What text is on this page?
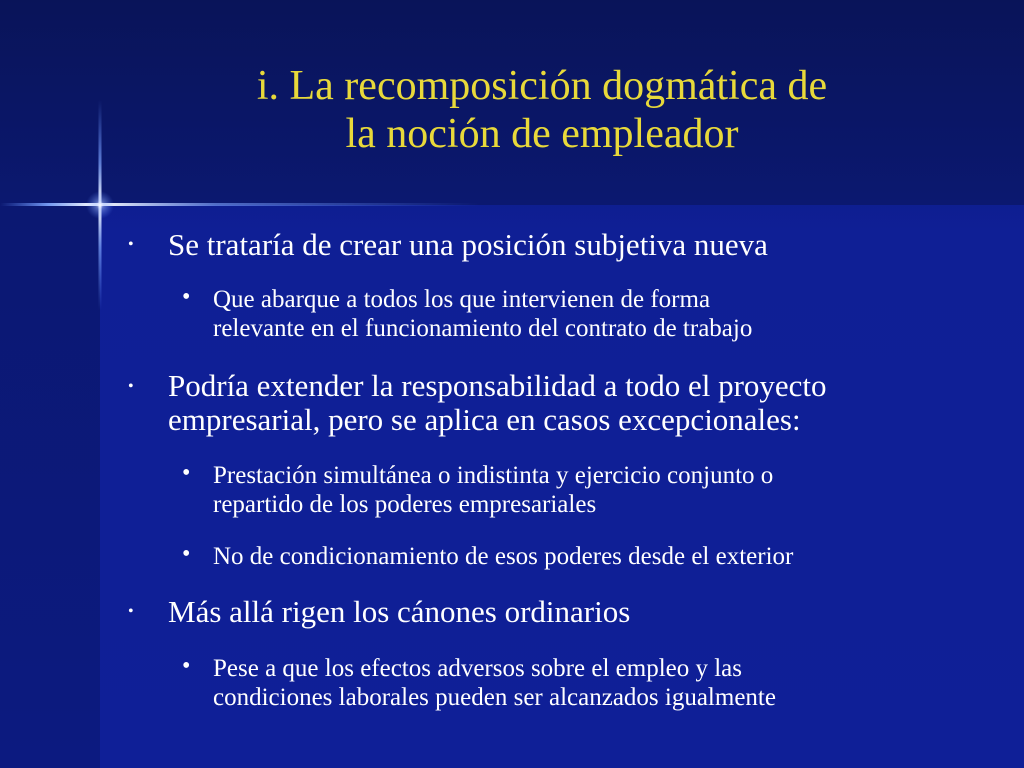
i. La recomposición dogmática de
la noción de empleador
• Se trataría de crear una posición subjetiva nueva
• Que abarque a todos los que intervienen de forma
relevante en el funcionamiento del contrato de trabajo
• Podría extender la responsabilidad a todo el proyecto
empresarial, pero se aplica en casos excepcionales:
• Prestación simultánea o indistinta y ejercicio conjunto o
repartido de los poderes empresariales
• No de condicionamiento de esos poderes desde el exterior
• Más allá rigen los cánones ordinarios
• Pese a que los efectos adversos sobre el empleo y las
condiciones laborales pueden ser alcanzados igualmente
